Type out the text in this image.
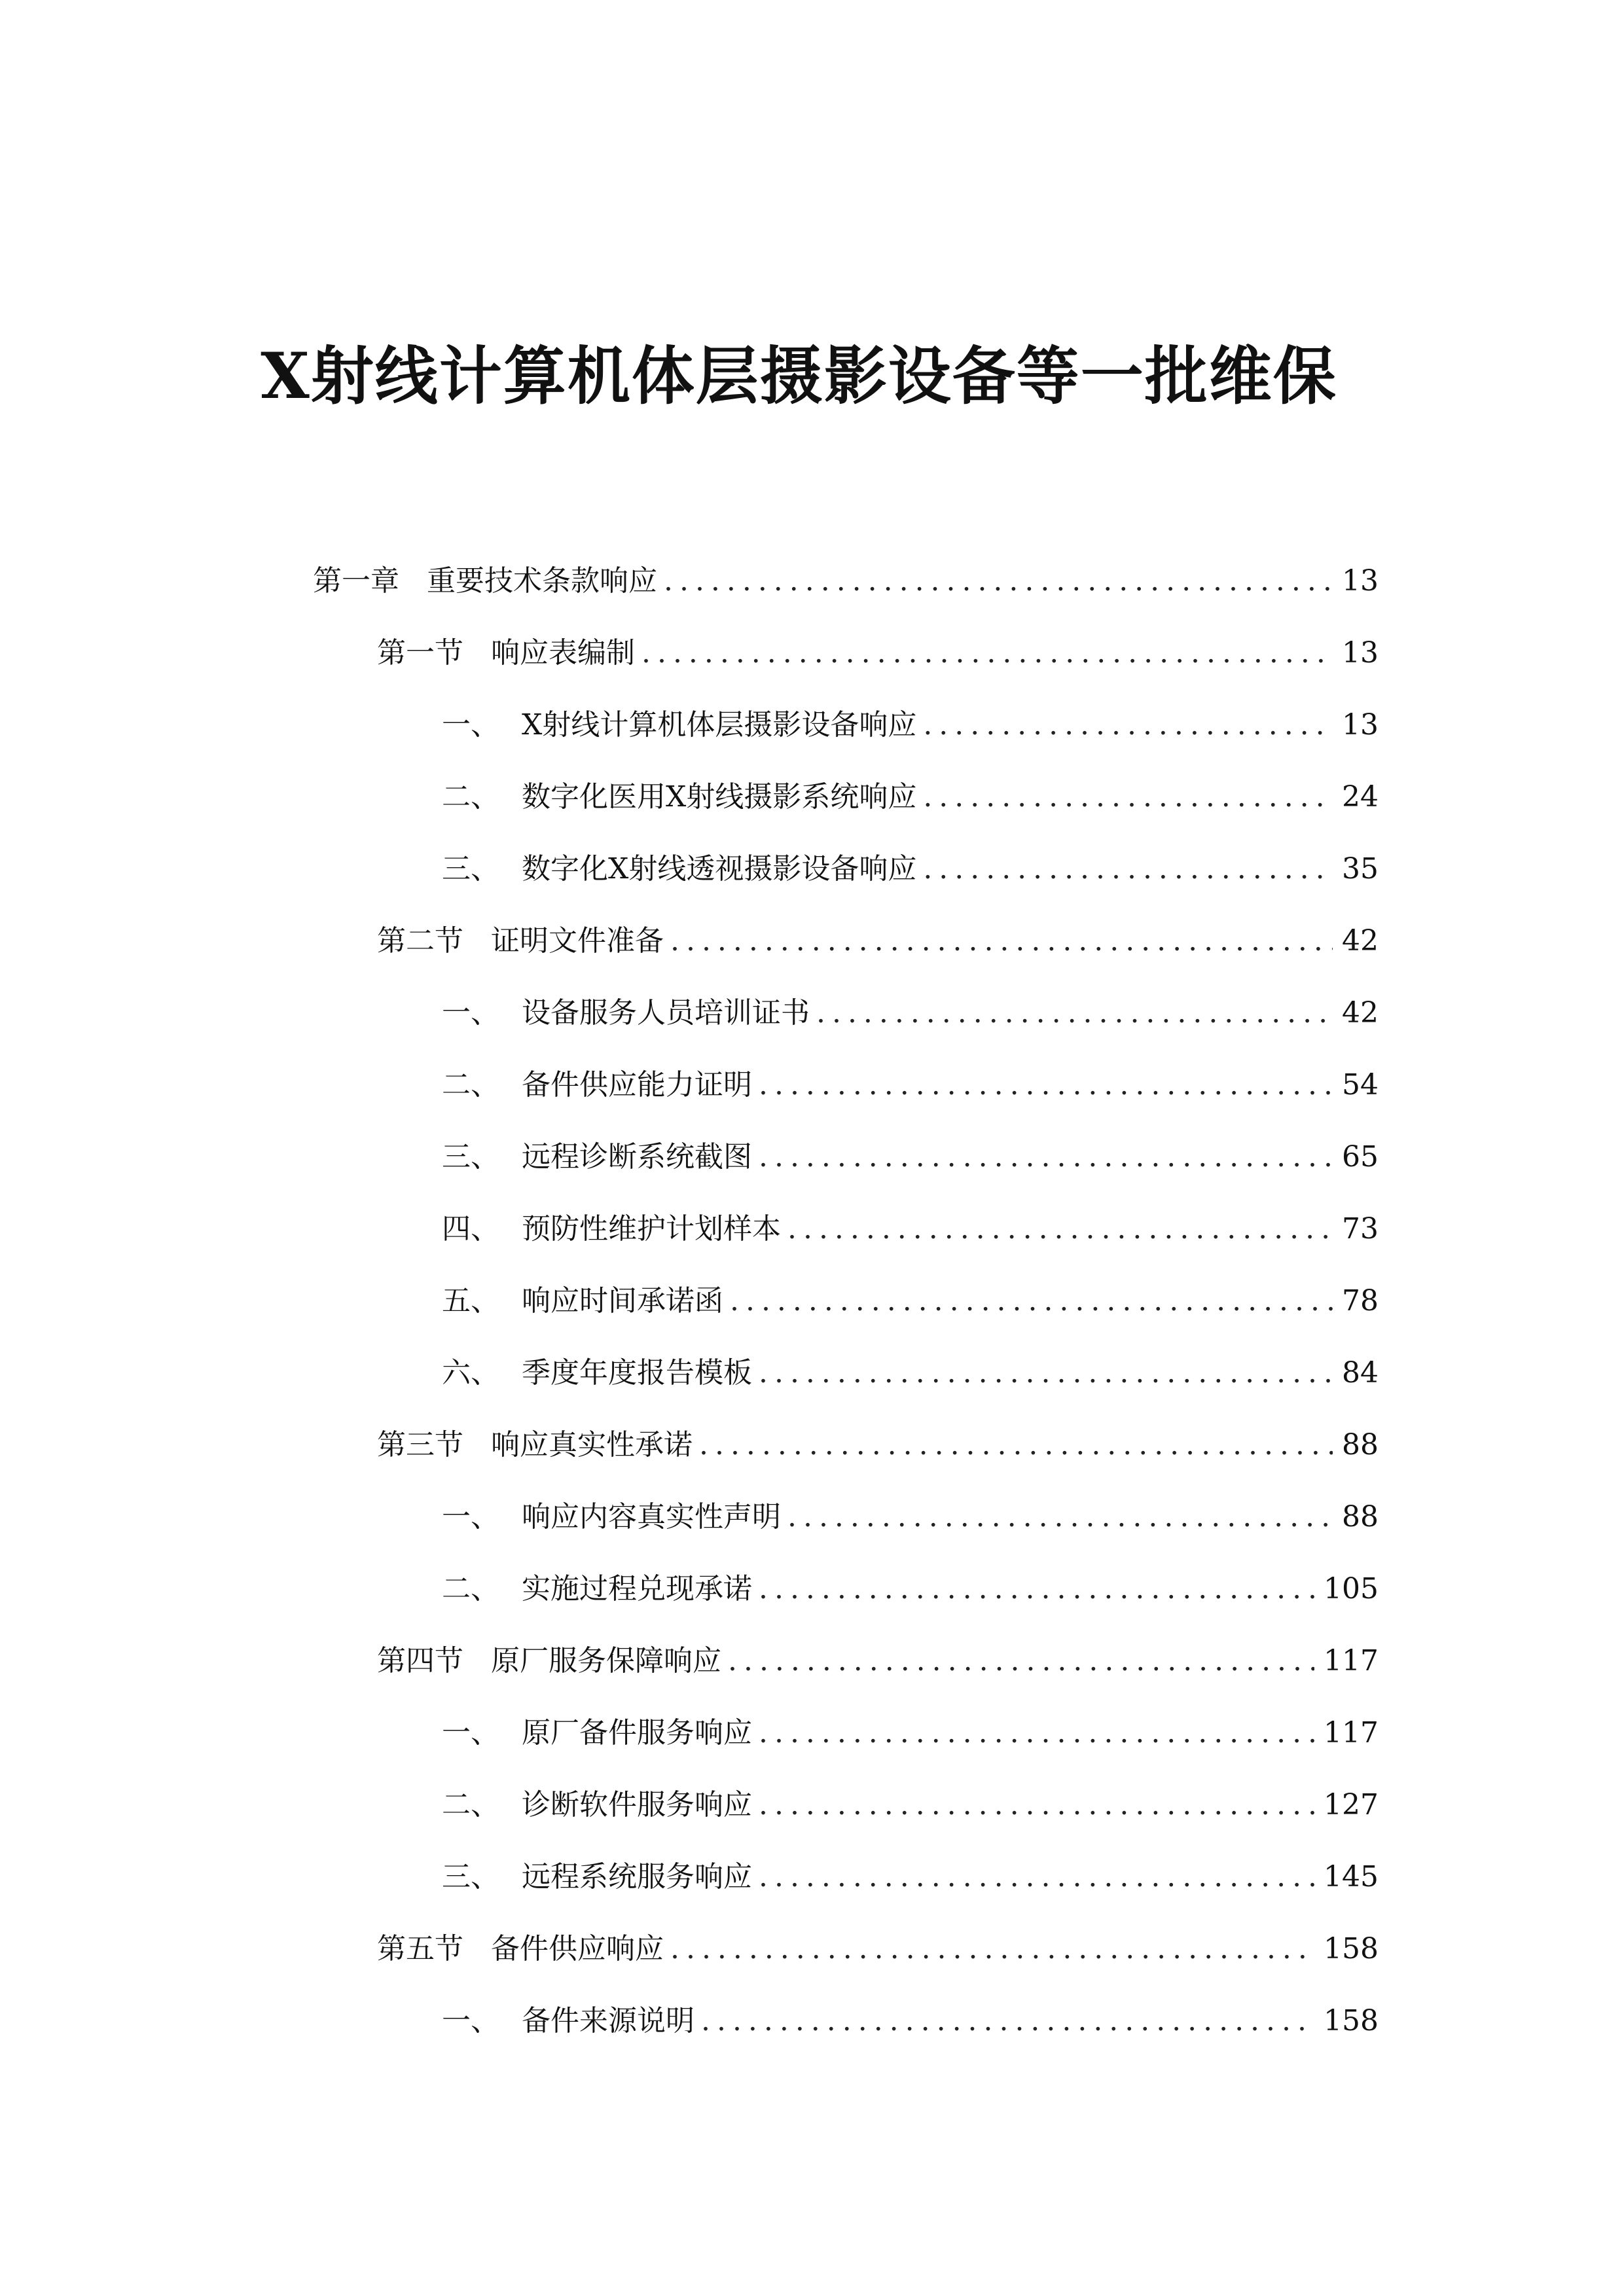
X射线计算机体层摄影设备等一批维保
第一章 重要技术条款响应 . . .	13
第一节 响应表编制 . . .	13
一、 X射线计算机体层摄影设备响应 . . .	13
二、 数字化医用X射线摄影系统响应 . . .	24
三、 数字化X射线透视摄影设备响应 . . .	35
第二节 证明文件准备 . . .	42
一、 设备服务人员培训证书 . . .	42
二、 备件供应能力证明 . . .	54
三、 远程诊断系统截图 . . .	65
四、 预防性维护计划样本 . . .	73
五、 响应时间承诺函 . . .	78
六、 季度年度报告模板 . . .	84
第三节 响应真实性承诺 . . .	88
一、 响应内容真实性声明 . . .	88
二、 实施过程兑现承诺 . . .	105
第四节 原厂服务保障响应 . . .	117
一、 原厂备件服务响应 . . .	117
二、 诊断软件服务响应 . . .	127
三、 远程系统服务响应 . . .	145
第五节 备件供应响应 . . .	158
一、 备件来源说明 . . .	158
